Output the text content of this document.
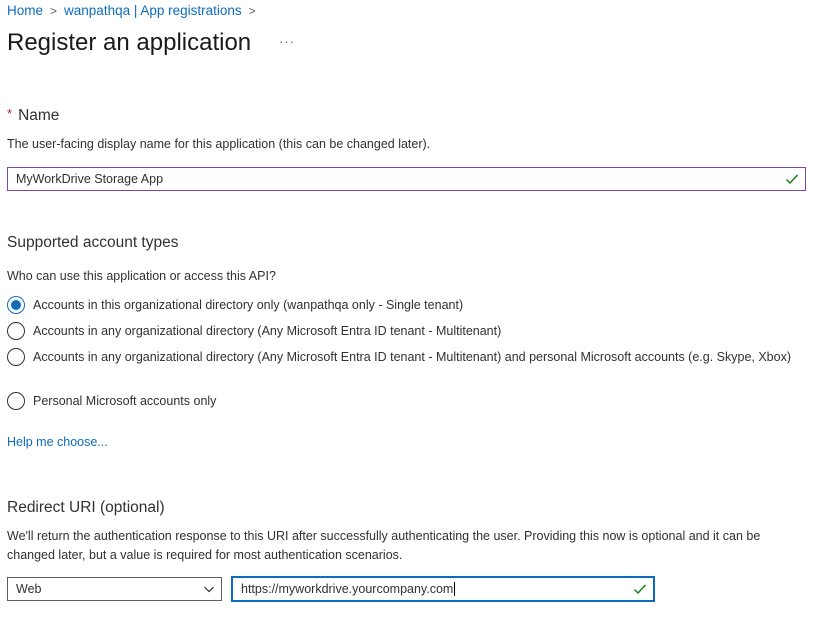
Home > wanpathqa | App registrations >
Register an application ···
* Name
The user-facing display name for this application (this can be changed later).
MyWorkDrive Storage App
Supported account types
Who can use this application or access this API?
Accounts in this organizational directory only (wanpathqa only - Single tenant)
Accounts in any organizational directory (Any Microsoft Entra ID tenant - Multitenant)
Accounts in any organizational directory (Any Microsoft Entra ID tenant - Multitenant) and personal Microsoft accounts (e.g. Skype, Xbox)
Personal Microsoft accounts only
Help me choose...
Redirect URI (optional)
We'll return the authentication response to this URI after successfully authenticating the user. Providing this now is optional and it can be changed later, but a value is required for most authentication scenarios.
Web	https://myworkdrive.yourcompany.com
